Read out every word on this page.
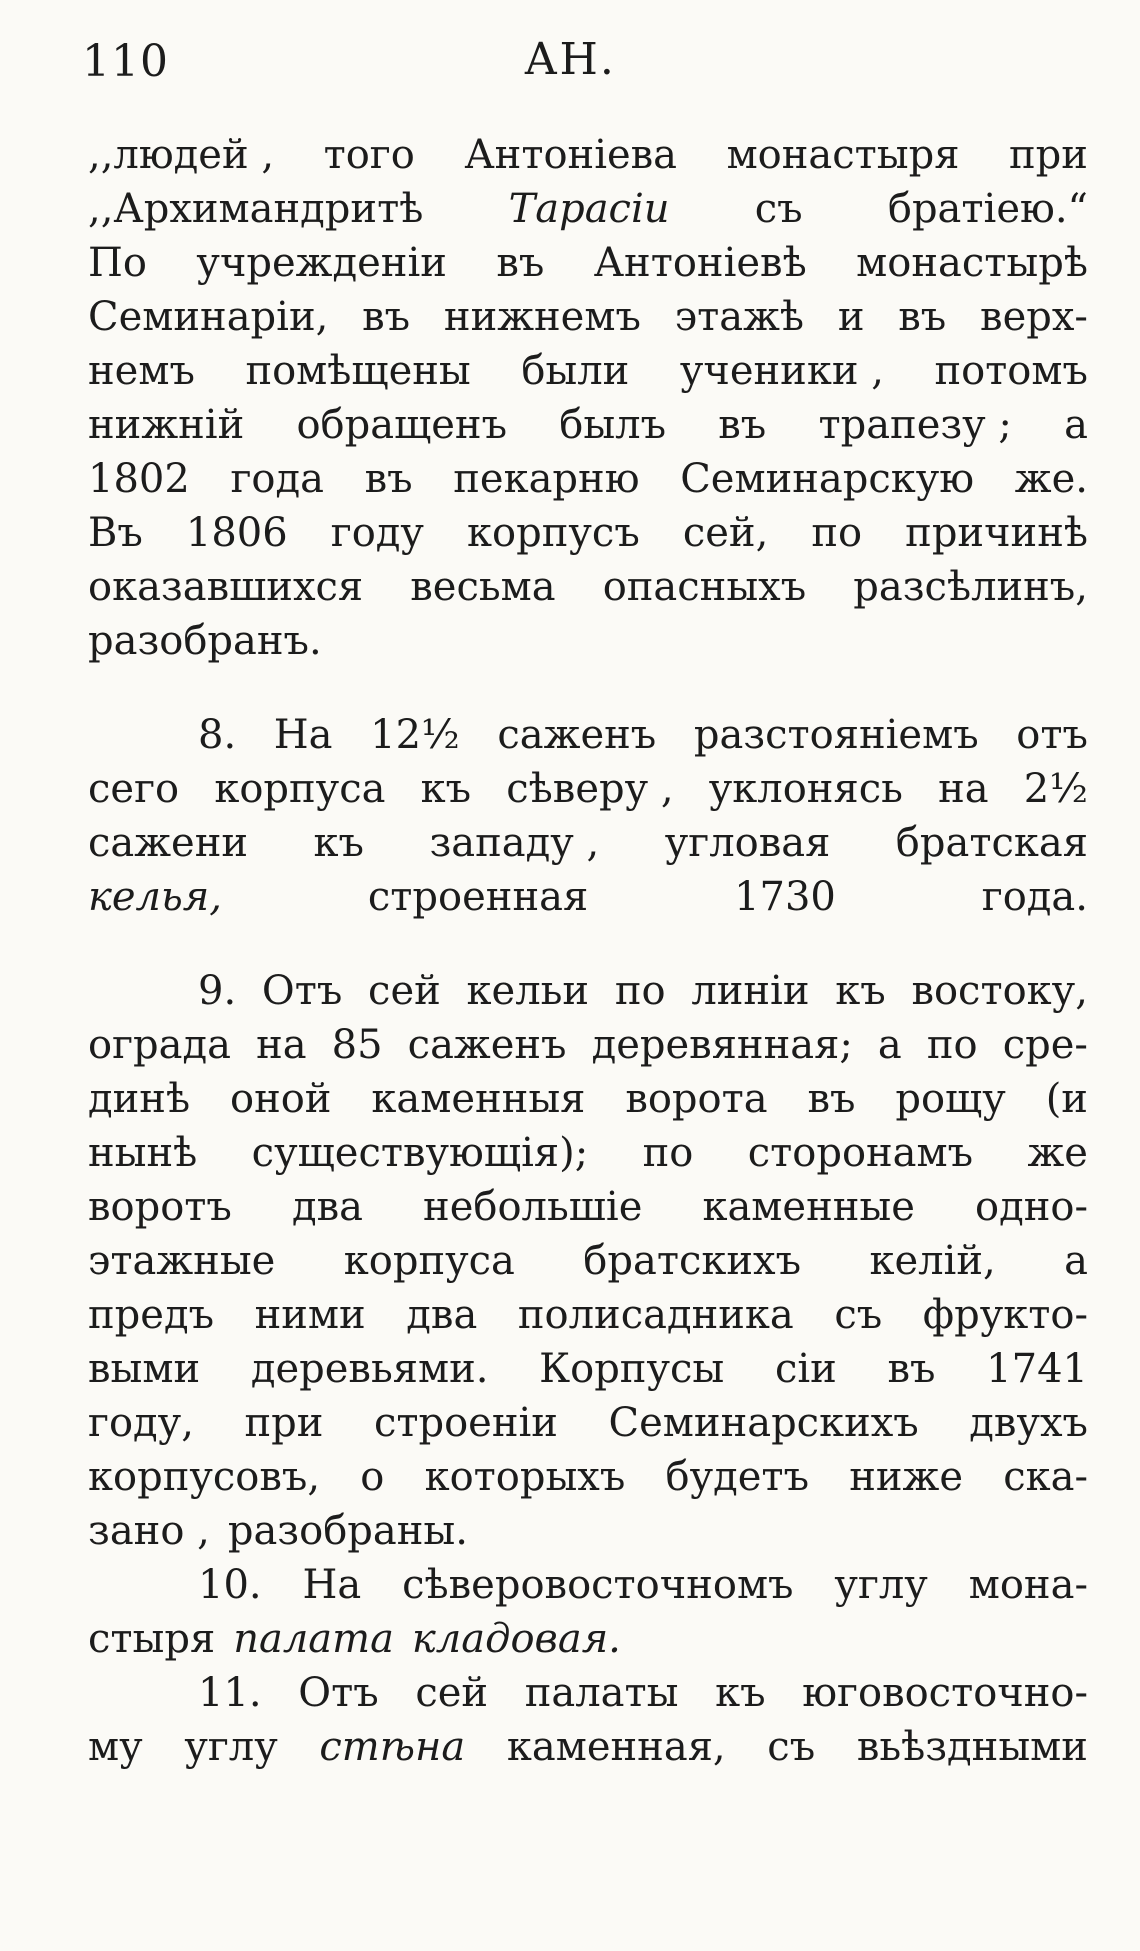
110	АН.
,,людей , того Антоніева монастыря при
,,Архимандритѣ Тарасіи съ братіею.“
По учрежденіи въ Антоніевѣ монастырѣ
Семинаріи, въ нижнемъ этажѣ и въ верх-
немъ помѣщены были ученики , потомъ
нижній обращенъ былъ въ трапезу ; а
1802 года въ пекарню Семинарскую же.
Въ 1806 году корпусъ сей, по причинѣ
оказавшихся весьма опасныхъ разсѣлинъ,
разобранъ.
8. На 12½ саженъ разстояніемъ отъ
сего корпуса къ сѣверу , уклонясь на 2½
сажени къ западу , угловая братская
келья,	строенная	1730	года.
9. Отъ сей кельи по линіи къ востоку,
ограда на 85 саженъ деревянная; а по сре-
динѣ оной каменныя ворота въ рощу (и
нынѣ существующія); по сторонамъ же
воротъ два небольшіе каменные одно-
этажные корпуса братскихъ келій, а
предъ ними два полисадника съ фрукто-
выми деревьями. Корпусы сіи въ 1741
году, при строеніи Семинарскихъ двухъ
корпусовъ, о которыхъ будетъ ниже ска-
зано , разобраны.
10. На сѣверовосточномъ углу мона-
стыря палата кладовая.
11. Отъ сей палаты къ юговосточно-
му углу стѣна каменная, съ вьѣздными
